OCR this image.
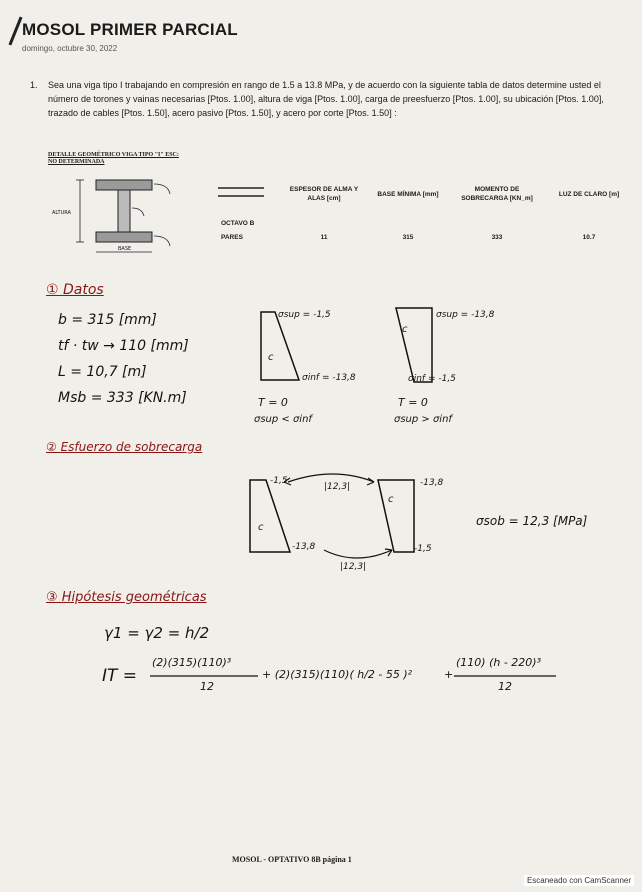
MOSOL PRIMER PARCIAL
domingo, octubre 30, 2022
1. Sea una viga tipo I trabajando en compresión en rango de 1.5 a 13.8 MPa, y de acuerdo con la siguiente tabla de datos determine usted el número de torones y vainas necesarias [Ptos. 1.00], altura de viga [Ptos. 1.00], carga de preesfuerzo [Ptos. 1.00], su ubicación [Ptos. 1.00], trazado de cables [Ptos. 1.50], acero pasivo [Ptos. 1.50], y acero por corte [Ptos. 1.50] :
DETALLE GEOMÉTRICO VIGA TIPO "I" ESC: NO DETERMINADA
ALTURA
BASE
	ESPESOR DE ALMA Y ALAS [cm]	BASE MÍNIMA [mm]	MOMENTO DE SOBRECARGA [KN_m]	LUZ DE CLARO [m]
OCTAVO B				
PARES	11	315	333	10.7
① Datos
b = 315 [mm]
tf · tw → 110 [mm]
L = 10,7 [m]
Msb = 333 [KN.m]
c
σsup = -1,5
σinf = -13,8
T = 0
σsup < σinf
c
σsup = -13,8
σinf = -1,5
T = 0
σsup > σinf
② Esfuerzo de sobrecarga
c
-1,5
-13,8
|12,3|
|12,3|
c
-13,8
-1,5
σsob = 12,3 [MPa]
③ Hipótesis geométricas
γ1 = γ2 = h/2
IT =
(2)(315)(110)³
12
+ (2)(315)(110)( h/2 - 55 )²	+
(110) (h - 220)³
12
MOSOL - OPTATIVO 8B página 1
Escaneado con CamScanner
